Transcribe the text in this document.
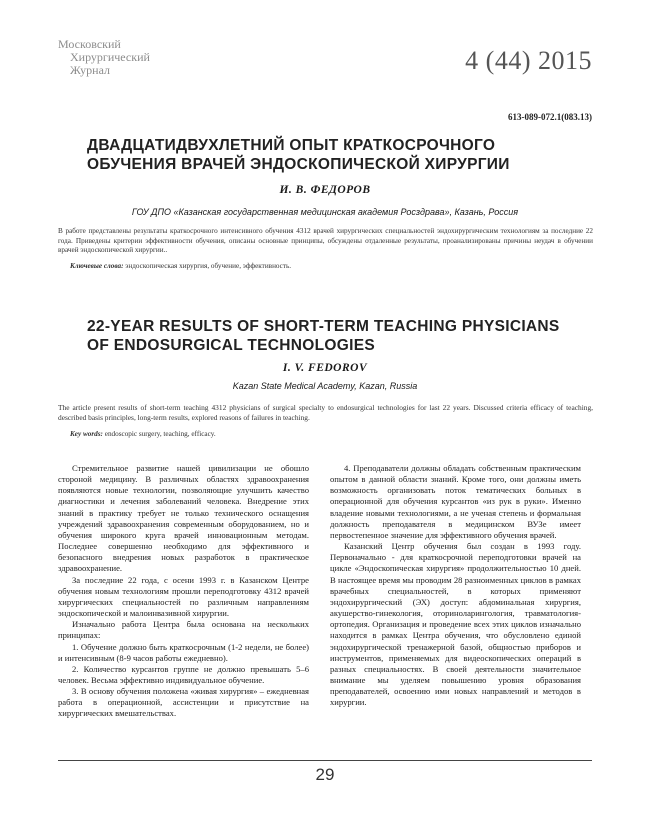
Московский
Хирургический
Журнал	4 (44) 2015
613-089-072.1(083.13)
ДВАДЦАТИДВУХЛЕТНИЙ ОПЫТ КРАТКОСРОЧНОГО ОБУЧЕНИЯ ВРАЧЕЙ ЭНДОСКОПИЧЕСКОЙ ХИРУРГИИ
И. В. ФЕДОРОВ
ГОУ ДПО «Казанская государственная медицинская академия Росздрава», Казань, Россия
В работе представлены результаты краткосрочного интенсивного обучения 4312 врачей хирургических специальностей эндохирургическим технологиям за последние 22 года. Приведены критерии эффективности обучения, описаны основные принципы, обсуждены отдаленные результаты, проанализированы причины неудач в обучении врачей эндоскопической хирургии..
Ключевые слова: эндоскопическая хирургия, обучение, эффективность.
22-YEAR RESULTS OF SHORT-TERM TEACHING PHYSICIANS OF ENDOSURGICAL TECHNOLOGIES
I. V. FEDOROV
Kazan State Medical Academy, Kazan, Russia
The article present results of short-term teaching 4312 physicians of surgical specialty to endosurgical technologies for last 22 years. Discussed criteria efficacy of teaching, described basis principles, long-term results, explored reasons of failures in teaching.
Key words: endoscopic surgery, teaching, efficacy.

Стремительное развитие нашей цивилизации не обошло стороной медицину. В различных областях здравоохранения появляются новые технологии, позволяющие улучшить качество диагностики и лечения заболеваний человека. Внедрение этих знаний в практику требует не только технического оснащения учреждений здравоохранения современным оборудованием, но и обучения широкого круга врачей инновационным методам. Последнее совершенно необходимо для эффективного и безопасного внедрения новых разработок в практическое здравоохранение.

За последние 22 года, с осени 1993 г. в Казанском Центре обучения новым технологиям прошли переподготовку 4312 врачей хирургических специальностей по различным направлениям эндоскопической и малоинвазивной хирургии.

Изначально работа Центра была основана на нескольких принципах:

1. Обучение должно быть краткосрочным (1-2 недели, не более) и интенсивным (8-9 часов работы ежедневно).

2. Количество курсантов группе не должно превышать 5–6 человек. Весьма эффективно индивидуальное обучение.

3. В основу обучения положена «живая хирургия» – ежедневная работа в операционной, ассистенции и присутствие на хирургических вмешательствах.

4. Преподаватели должны обладать собственным практическим опытом в данной области знаний. Кроме того, они должны иметь возможность организовать поток тематических больных в операционной для обучения курсантов «из рук в руки». Именно владение новыми технологиями, а не ученая степень и формальная должность преподавателя в медицинском ВУЗе имеет первостепенное значение для эффективного обучения врачей.

Казанский Центр обучения был создан в 1993 году. Первоначально - для краткосрочной переподготовки врачей на цикле «Эндоскопическая хирургия» продолжительностью 10 дней. В настоящее время мы проводим 28 разноименных циклов в рамках врачебных специальностей, в которых применяют эндохирургический (ЭХ) доступ: абдоминальная хирургия, акушерство-гинекология, оториноларингология, травматология-ортопедия. Организация и проведение всех этих циклов изначально находится в рамках Центра обучения, что обусловлено единой эндохирургической тренажерной базой, общностью приборов и инструментов, применяемых для видеоскопических операций в разных специальностях. В своей деятельности значительное внимание мы уделяем повышению уровня образования преподавателей, освоению ими новых направлений и методов в хирургии.

29
